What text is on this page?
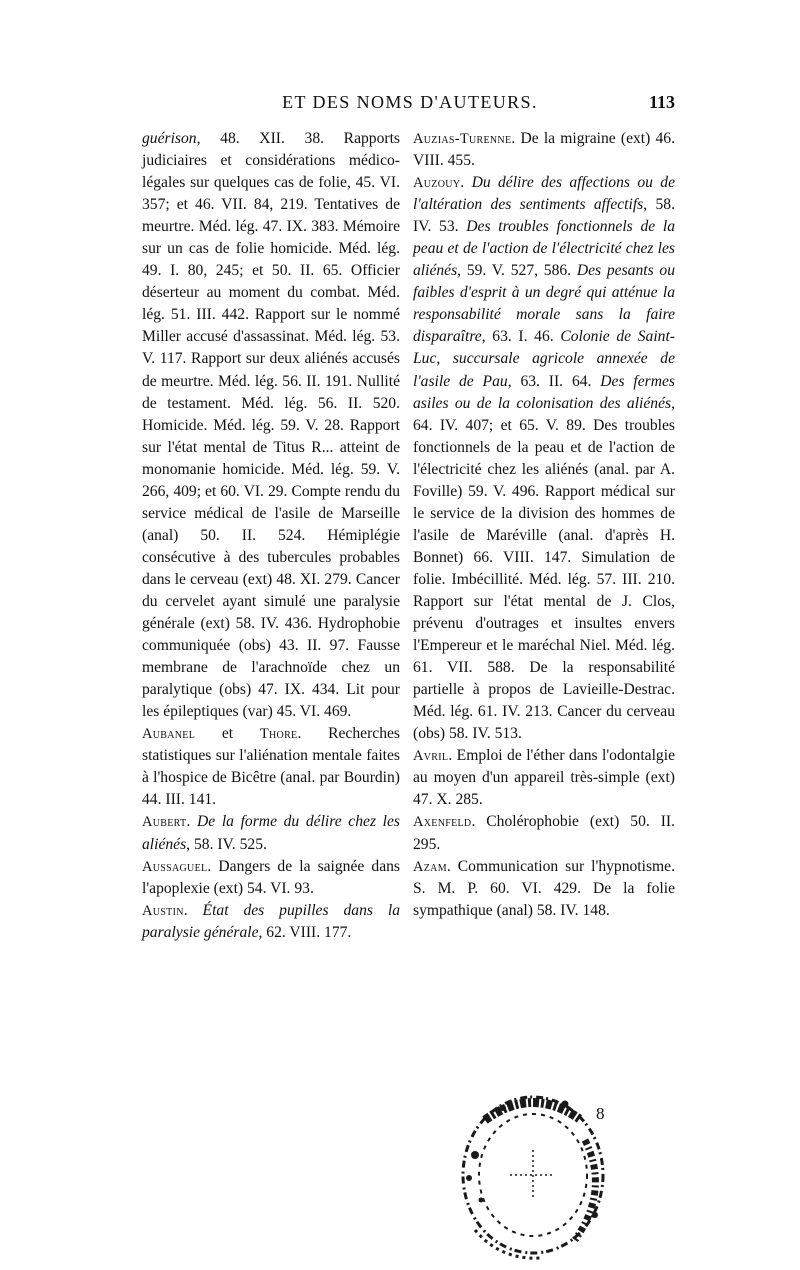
ET DES NOMS D'AUTEURS.	113

guérison, 48. XII. 38. Rapports judiciaires et considérations médico-légales sur quelques cas de folie, 45. VI. 357; et 46. VII. 84, 219. Tentatives de meurtre. Méd. lég. 47. IX. 383. Mémoire sur un cas de folie homicide. Méd. lég. 49. I. 80, 245; et 50. II. 65. Officier déserteur au moment du combat. Méd. lég. 51. III. 442. Rapport sur le nommé Miller accusé d'assassinat. Méd. lég. 53. V. 117. Rapport sur deux aliénés accusés de meurtre. Méd. lég. 56. II. 191. Nullité de testament. Méd. lég. 56. II. 520. Homicide. Méd. lég. 59. V. 28. Rapport sur l'état mental de Titus R... atteint de monomanie homicide. Méd. lég. 59. V. 266, 409; et 60. VI. 29. Compte rendu du service médical de l'asile de Marseille (anal) 50. II. 524. Hémiplégie consécutive à des tubercules probables dans le cerveau (ext) 48. XI. 279. Cancer du cervelet ayant simulé une paralysie générale (ext) 58. IV. 436. Hydrophobie communiquée (obs) 43. II. 97. Fausse membrane de l'arachnoïde chez un paralytique (obs) 47. IX. 434. Lit pour les épileptiques (var) 45. VI. 469.

Aubanel et Thore. Recherches statistiques sur l'aliénation mentale faites à l'hospice de Bicêtre (anal. par Bourdin) 44. III. 141.

Aubert. De la forme du délire chez les aliénés, 58. IV. 525.

Aussaguel. Dangers de la saignée dans l'apoplexie (ext) 54. VI. 93.

Austin. État des pupilles dans la paralysie générale, 62. VIII. 177.

Auzias-Turenne. De la migraine (ext) 46. VIII. 455.

Auzouy. Du délire des affections ou de l'altération des sentiments affectifs, 58. IV. 53. Des troubles fonctionnels de la peau et de l'action de l'électricité chez les aliénés, 59. V. 527, 586. Des pesants ou faibles d'esprit à un degré qui atténue la responsabilité morale sans la faire disparaître, 63. I. 46. Colonie de Saint-Luc, succursale agricole annexée de l'asile de Pau, 63. II. 64. Des fermes asiles ou de la colonisation des aliénés, 64. IV. 407; et 65. V. 89. Des troubles fonctionnels de la peau et de l'action de l'électricité chez les aliénés (anal. par A. Foville) 59. V. 496. Rapport médical sur le service de la division des hommes de l'asile de Maréville (anal. d'après H. Bonnet) 66. VIII. 147. Simulation de folie. Imbécillité. Méd. lég. 57. III. 210. Rapport sur l'état mental de J. Clos, prévenu d'outrages et insultes envers l'Empereur et le maréchal Niel. Méd. lég. 61. VII. 588. De la responsabilité partielle à propos de Lavieille-Destrac. Méd. lég. 61. IV. 213. Cancer du cerveau (obs) 58. IV. 513.

Avril. Emploi de l'éther dans l'odontalgie au moyen d'un appareil très-simple (ext) 47. X. 285.

Axenfeld. Cholérophobie (ext) 50. II. 295.

Azam. Communication sur l'hypnotisme. S. M. P. 60. VI. 429. De la folie sympathique (anal) 58. IV. 148.

8
